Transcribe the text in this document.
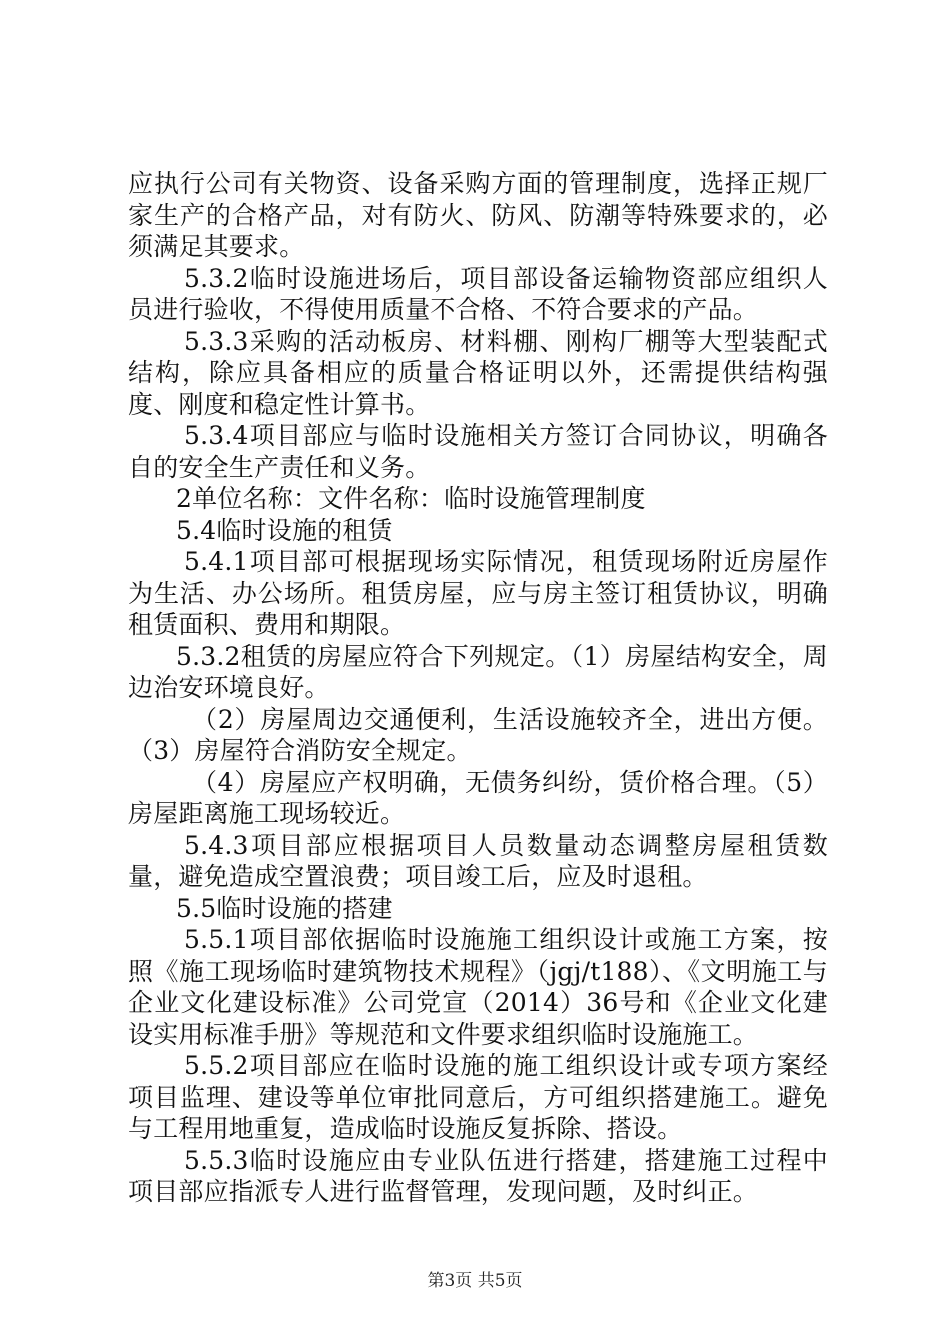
应执行公司有关物资、设备采购方面的管理制度，选择正规厂家生产的合格产品，对有防火、防风、防潮等特殊要求的，必须满足其要求。

5.3.2临时设施进场后，项目部设备运输物资部应组织人员进行验收，不得使用质量不合格、不符合要求的产品。

5.3.3采购的活动板房、材料棚、刚构厂棚等大型装配式结构，除应具备相应的质量合格证明以外，还需提供结构强度、刚度和稳定性计算书。

5.3.4项目部应与临时设施相关方签订合同协议，明确各自的安全生产责任和义务。

2单位名称：文件名称：临时设施管理制度

5.4临时设施的租赁

5.4.1项目部可根据现场实际情况，租赁现场附近房屋作为生活、办公场所。租赁房屋，应与房主签订租赁协议，明确租赁面积、费用和期限。

5.3.2租赁的房屋应符合下列规定。（1）房屋结构安全，周边治安环境良好。

（2）房屋周边交通便利，生活设施较齐全，进出方便。（3）房屋符合消防安全规定。

（4）房屋应产权明确，无债务纠纷，赁价格合理。（5）房屋距离施工现场较近。

5.4.3项目部应根据项目人员数量动态调整房屋租赁数量，避免造成空置浪费；项目竣工后，应及时退租。

5.5临时设施的搭建

5.5.1项目部依据临时设施施工组织设计或施工方案，按照《施工现场临时建筑物技术规程》（jgj/t188）、《文明施工与企业文化建设标准》公司党宣（2014）36号和《企业文化建设实用标准手册》等规范和文件要求组织临时设施施工。

5.5.2项目部应在临时设施的施工组织设计或专项方案经项目监理、建设等单位审批同意后，方可组织搭建施工。避免与工程用地重复，造成临时设施反复拆除、搭设。

5.5.3临时设施应由专业队伍进行搭建，搭建施工过程中项目部应指派专人进行监督管理，发现问题，及时纠正。

第3页 共5页
